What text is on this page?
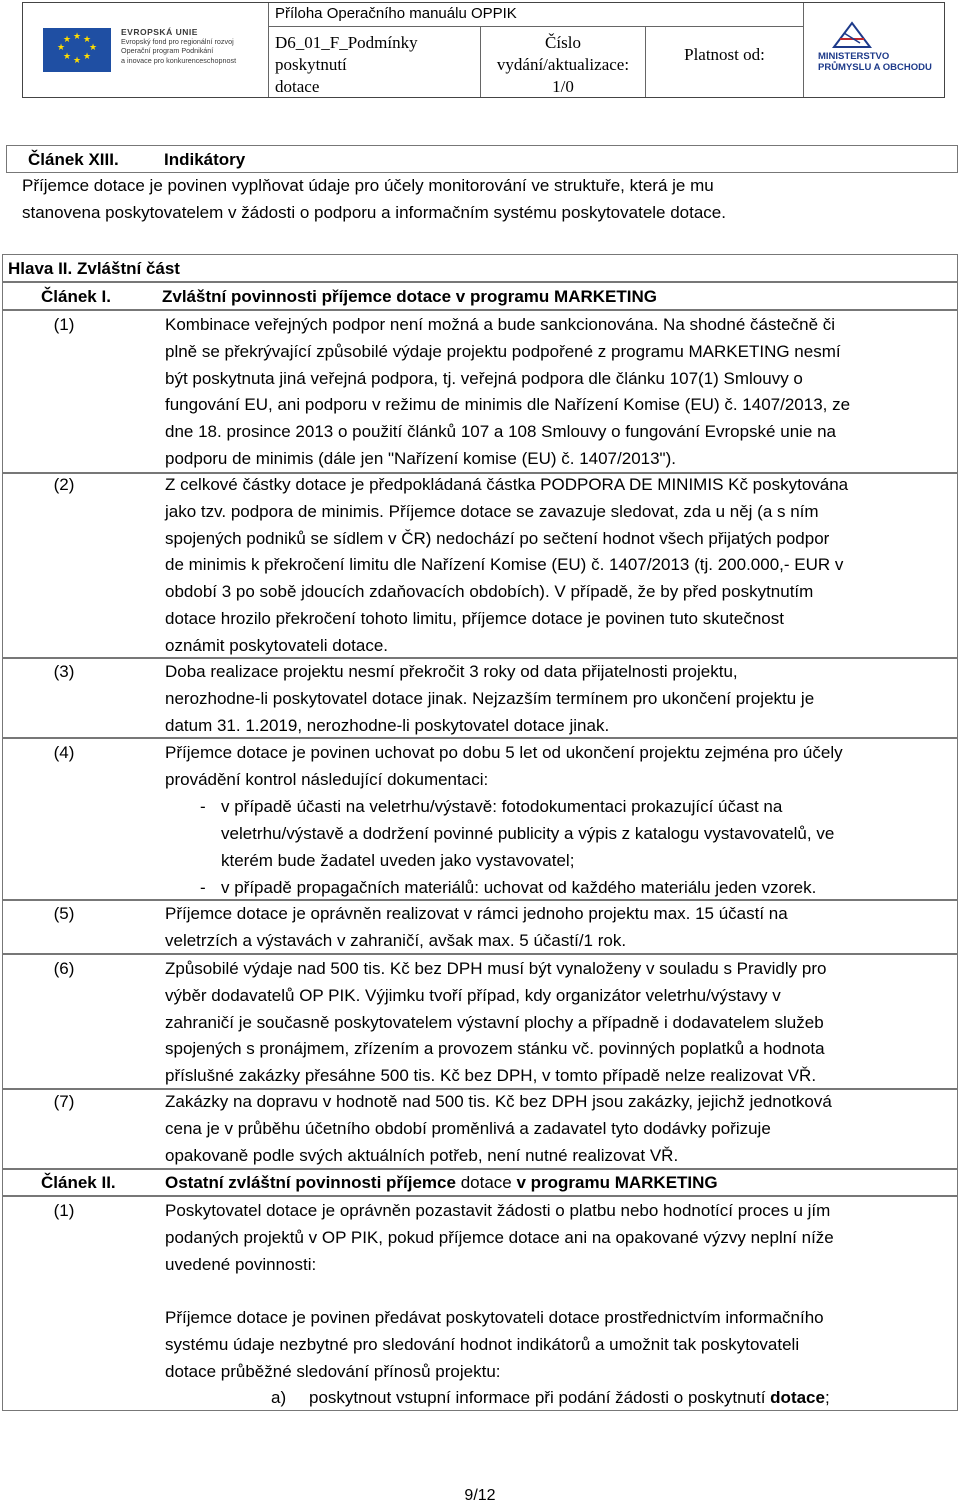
★ ★
★
★
★
★
★
★
EVROPSKÁ UNIE
Evropský fond pro regionální rozvoj
Operační program Podnikání
a inovace pro konkurenceschopnost
Příloha Operačního manuálu OPPIK
D6_01_F_Podmínky
poskytnutí
dotace
Číslo
vydání/aktualizace:
1/0
Platnost od:	MINISTERSTVO
PRŮMYSLU A OBCHODU
Článek XIII.	Indikátory
Příjemce dotace je povinen vyplňovat údaje pro účely monitorování ve struktuře, která je mu
stanovena poskytovatelem v žádosti o podporu a informačním systému poskytovatele dotace.
Hlava II. Zvláštní část
Článek I.	Zvláštní povinnosti příjemce dotace v programu MARKETING
(1)	Kombinace veřejných podpor není možná a bude sankcionována. Na shodné částečně či
plně se překrývající způsobilé výdaje projektu podpořené z programu MARKETING nesmí
být poskytnuta jiná veřejná podpora, tj. veřejná podpora dle článku 107(1) Smlouvy o
fungování EU, ani podporu v režimu de minimis dle Nařízení Komise (EU) č. 1407/2013, ze
dne 18. prosince 2013 o použití článků 107 a 108 Smlouvy o fungování Evropské unie na
podporu de minimis (dále jen "Nařízení komise (EU) č. 1407/2013").
(2)	Z celkové částky dotace je předpokládaná částka PODPORA DE MINIMIS Kč poskytována
jako tzv. podpora de minimis. Příjemce dotace se zavazuje sledovat, zda u něj (a s ním
spojených podniků se sídlem v ČR) nedochází po sečtení hodnot všech přijatých podpor
de minimis k překročení limitu dle Nařízení Komise (EU) č. 1407/2013 (tj. 200.000,- EUR v
období 3 po sobě jdoucích zdaňovacích obdobích). V případě, že by před poskytnutím
dotace hrozilo překročení tohoto limitu, příjemce dotace je povinen tuto skutečnost
oznámit poskytovateli dotace.
(3)	Doba realizace projektu nesmí překročit 3 roky od data přijatelnosti projektu,
nerozhodne-li poskytovatel dotace jinak. Nejzazším termínem pro ukončení projektu je
datum 31. 1.2019, nerozhodne-li poskytovatel dotace jinak.
(4)	Příjemce dotace je povinen uchovat po dobu 5 let od ukončení projektu zejména pro účely
provádění kontrol následující dokumentaci:
- v případě účasti na veletrhu/výstavě: fotodokumentaci prokazující účast na
veletrhu/výstavě a dodržení povinné publicity a výpis z katalogu vystavovatelů, ve
kterém bude žadatel uveden jako vystavovatel;
- v případě propagačních materiálů: uchovat od každého materiálu jeden vzorek.
(5)	Příjemce dotace je oprávněn realizovat v rámci jednoho projektu max. 15 účastí na
veletrzích a výstavách v zahraničí, avšak max. 5 účastí/1 rok.
(6)	Způsobilé výdaje nad 500 tis. Kč bez DPH musí být vynaloženy v souladu s Pravidly pro
výběr dodavatelů OP PIK. Výjimku tvoří případ, kdy organizátor veletrhu/výstavy v
zahraničí je současně poskytovatelem výstavní plochy a případně i dodavatelem služeb
spojených s pronájmem, zřízením a provozem stánku vč. povinných poplatků a hodnota
příslušné zakázky přesáhne 500 tis. Kč bez DPH, v tomto případě nelze realizovat VŘ.
(7)	Zakázky na dopravu v hodnotě nad 500 tis. Kč bez DPH jsou zakázky, jejichž jednotková
cena je v průběhu účetního období proměnlivá a zadavatel tyto dodávky pořizuje
opakovaně podle svých aktuálních potřeb, není nutné realizovat VŘ.
Článek II.	Ostatní zvláštní povinnosti příjemce dotace v programu MARKETING
(1)	Poskytovatel dotace je oprávněn pozastavit žádosti o platbu nebo hodnotící proces u jím
podaných projektů v OP PIK, pokud příjemce dotace ani na opakované výzvy neplní níže
uvedené povinnosti:
Příjemce dotace je povinen předávat poskytovateli dotace prostřednictvím informačního
systému údaje nezbytné pro sledování hodnot indikátorů a umožnit tak poskytovateli
dotace průběžné sledování přínosů projektu:
a) poskytnout vstupní informace při podání žádosti o poskytnutí dotace;
9/12
